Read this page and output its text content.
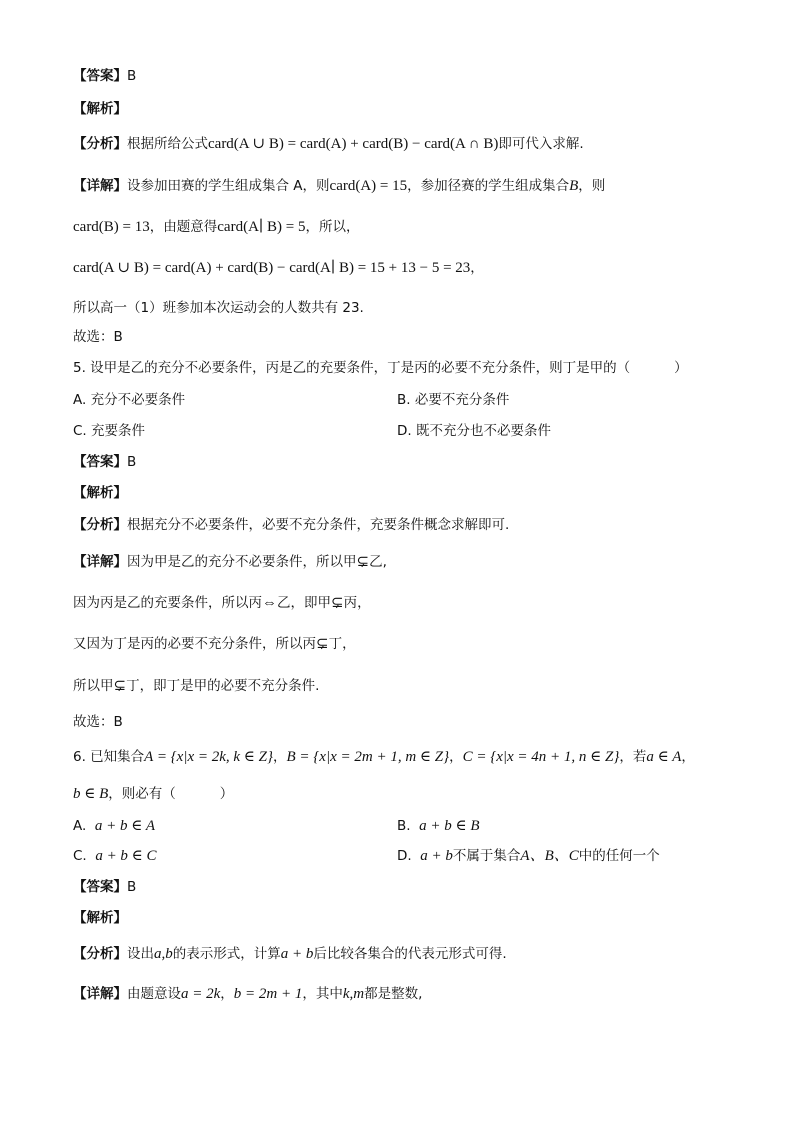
【答案】B
【解析】
【分析】根据所给公式card(A ∪ B) = card(A) + card(B) − card(A ∩ B)即可代入求解.
【详解】设参加田赛的学生组成集合 A，则card(A) = 15，参加径赛的学生组成集合B，则
card(B) = 13，由题意得card(A∣ B) = 5，所以，
card(A ∪ B) = card(A) + card(B) − card(A∣ B) = 15 + 13 − 5 = 23，
所以高一（1）班参加本次运动会的人数共有 23.
故选：B
5. 设甲是乙的充分不必要条件，丙是乙的充要条件，丁是丙的必要不充分条件，则丁是甲的（	）
A. 充分不必要条件	B. 必要不充分条件
C. 充要条件	D. 既不充分也不必要条件
【答案】B
【解析】
【分析】根据充分不必要条件，必要不充分条件，充要条件概念求解即可.
【详解】因为甲是乙的充分不必要条件，所以甲⊊乙,
因为丙是乙的充要条件，所以丙⇔乙，即甲⊊丙，
又因为丁是丙的必要不充分条件，所以丙⊊丁，
所以甲⊊丁，即丁是甲的必要不充分条件.
故选：B
6. 已知集合A = {x|x = 2k, k ∈ Z}，B = {x|x = 2m + 1, m ∈ Z}，C = {x|x = 4n + 1, n ∈ Z}，若a ∈ A，
b ∈ B，则必有（	）
A. a + b ∈ A	B. a + b ∈ B
C. a + b ∈ C	D. a + b不属于集合A、B、C中的任何一个
【答案】B
【解析】
【分析】设出a,b的表示形式，计算a + b后比较各集合的代表元形式可得.
【详解】由题意设a = 2k，b = 2m + 1，其中k,m都是整数,
